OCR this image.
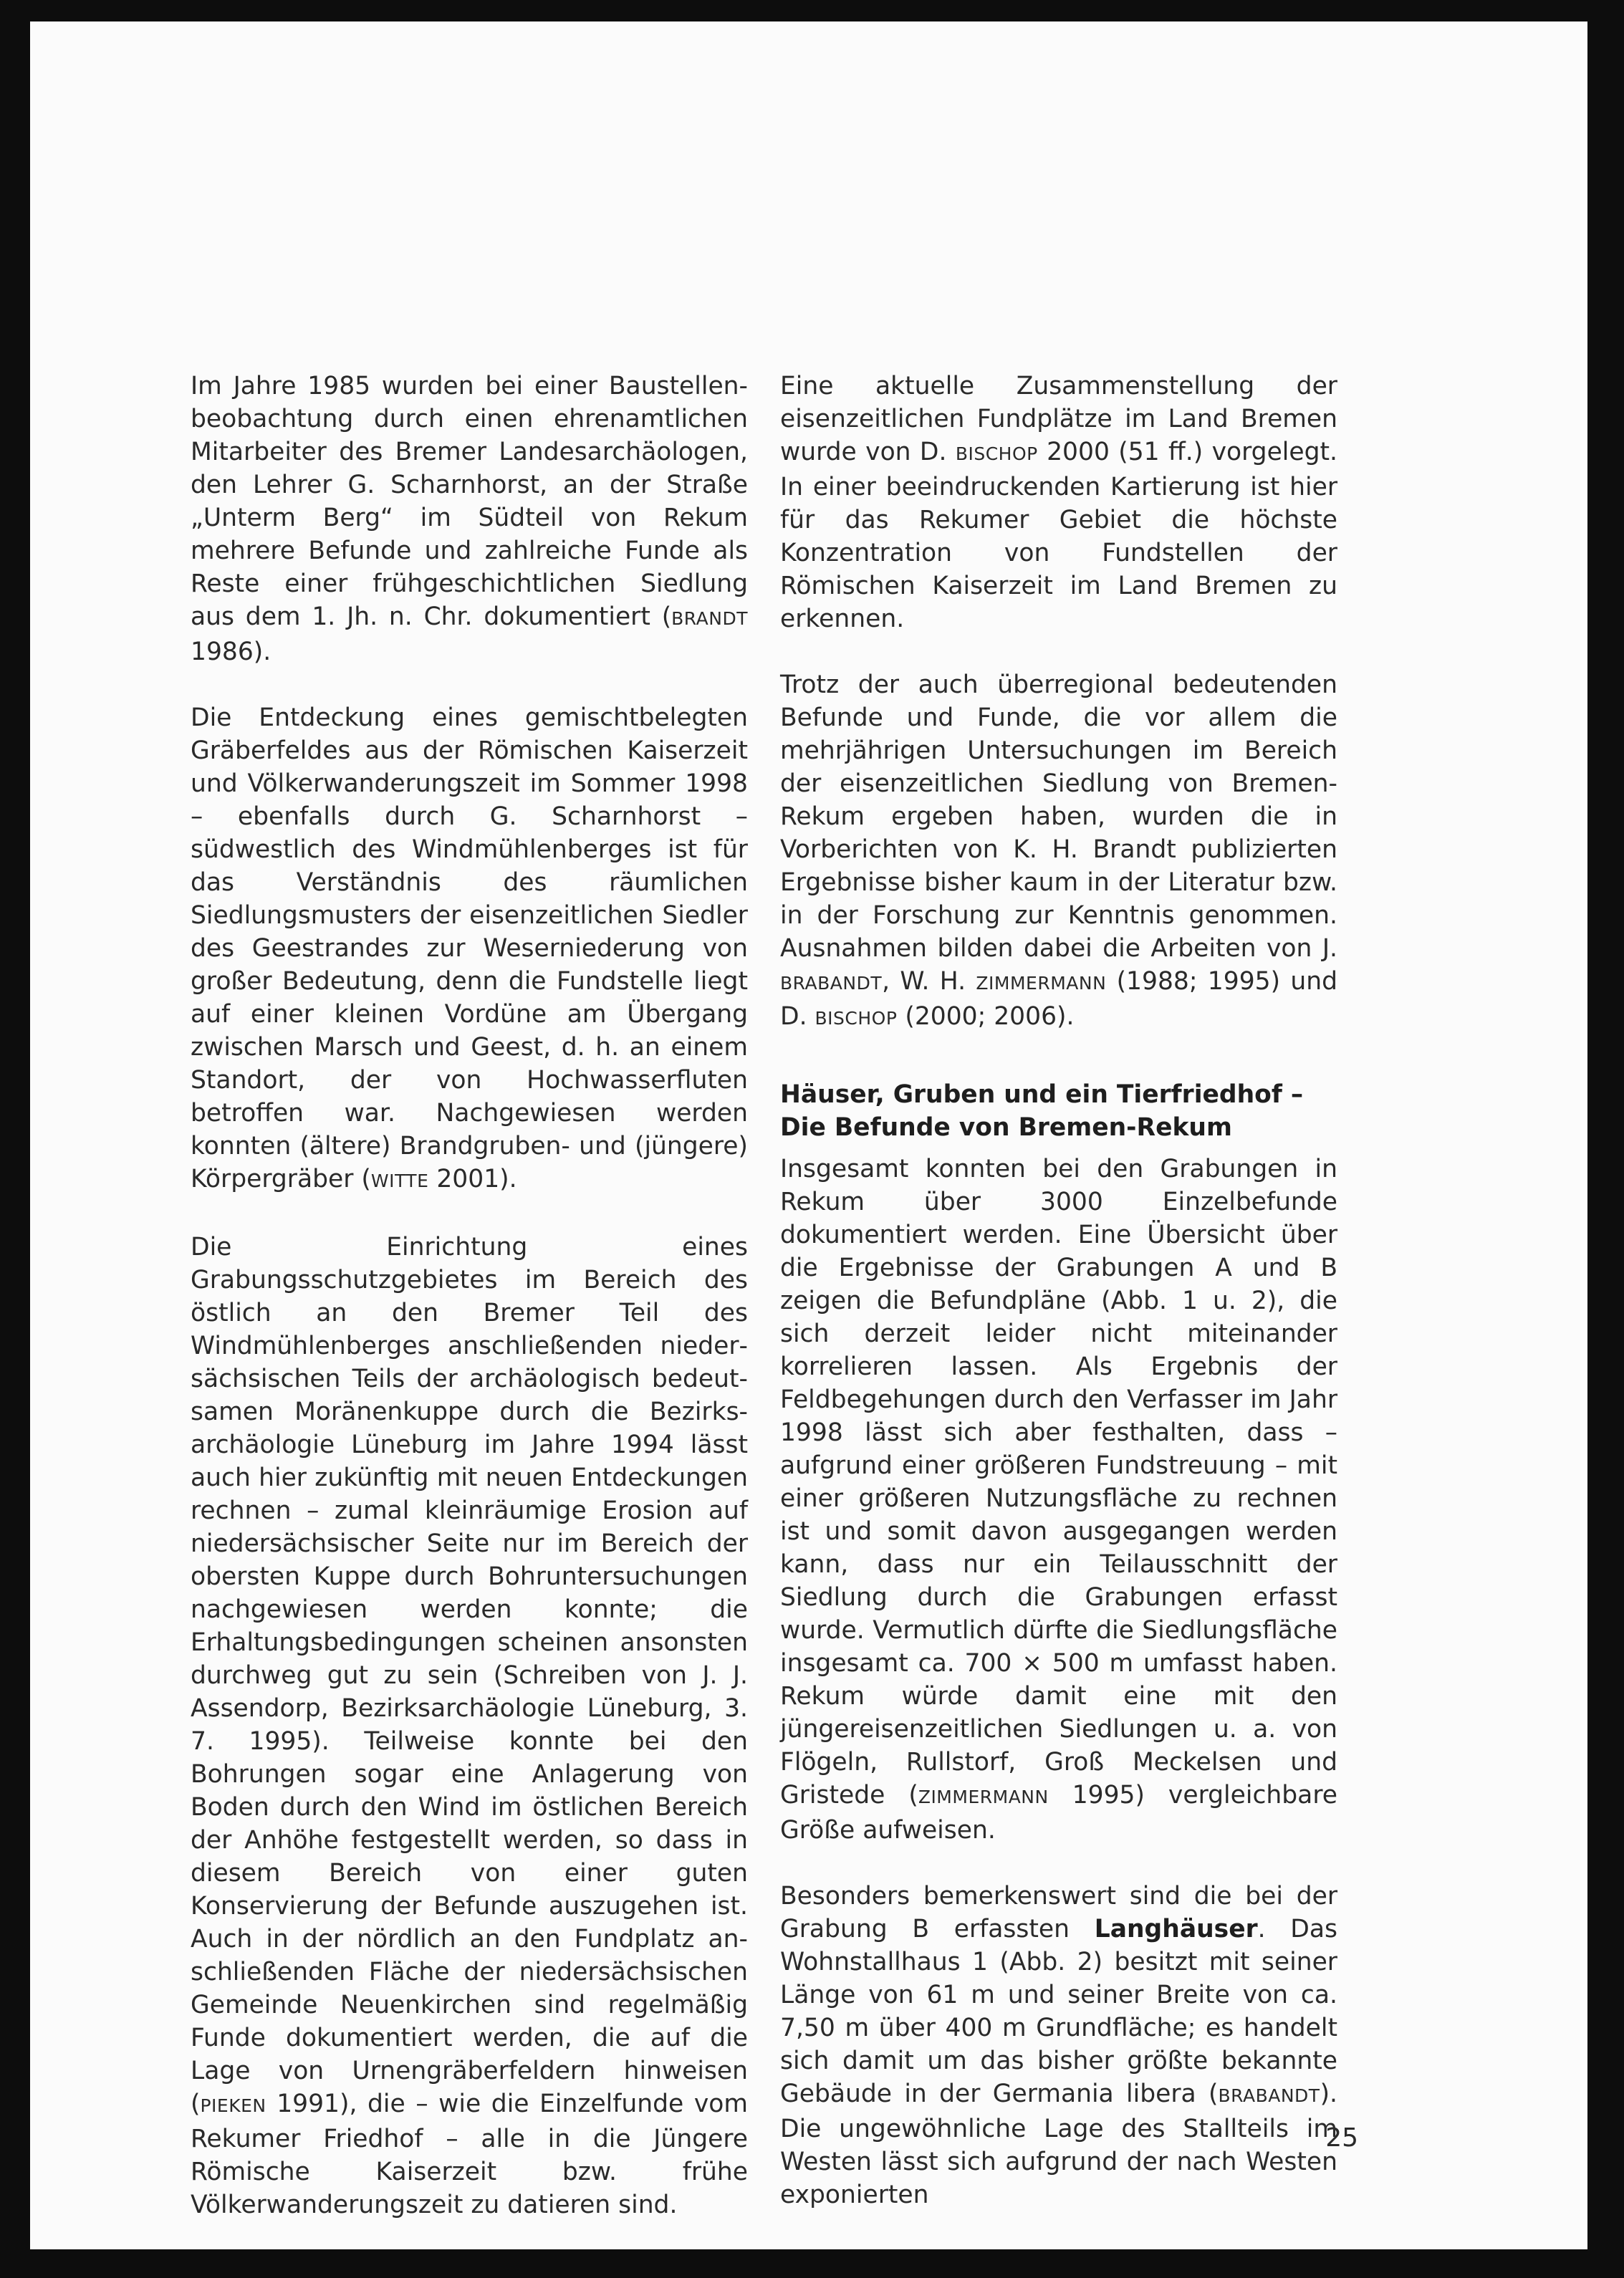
Im Jahre 1985 wurden bei einer Baustellenbeobachtung durch einen ehrenamtlichen Mitarbeiter des Bremer Landesarchäologen, den Lehrer G. Scharnhorst, an der Straße „Unterm Berg“ im Südteil von Rekum mehrere Befunde und zahlreiche Funde als Reste einer frühgeschichtlichen Siedlung aus dem 1. Jh. n. Chr. dokumentiert (BRANDT 1986).

Die Entdeckung eines gemischtbelegten Gräberfeldes aus der Römischen Kaiserzeit und Völkerwanderungszeit im Sommer 1998 – ebenfalls durch G. Scharnhorst – südwestlich des Windmühlenberges ist für das Verständnis des räumlichen Siedlungsmusters der eisenzeitlichen Siedler des Geestrandes zur Weserniederung von großer Bedeutung, denn die Fundstelle liegt auf einer kleinen Vordüne am Übergang zwischen Marsch und Geest, d. h. an einem Standort, der von Hochwasserfluten betroffen war. Nachgewiesen werden konnten (ältere) Brandgruben- und (jüngere) Körpergräber (WITTE 2001).

Die Einrichtung eines Grabungsschutzgebietes im Bereich des östlich an den Bremer Teil des Windmühlenberges anschließenden niedersächsischen Teils der archäologisch bedeutsamen Moränenkuppe durch die Bezirksarchäologie Lüneburg im Jahre 1994 lässt auch hier zukünftig mit neuen Entdeckungen rechnen – zumal kleinräumige Erosion auf niedersächsischer Seite nur im Bereich der obersten Kuppe durch Bohruntersuchungen nachgewiesen werden konnte; die Erhaltungsbedingungen scheinen ansonsten durchweg gut zu sein (Schreiben von J. J. Assendorp, Bezirksarchäologie Lüneburg, 3. 7. 1995). Teilweise konnte bei den Bohrungen sogar eine Anlagerung von Boden durch den Wind im östlichen Bereich der Anhöhe festgestellt werden, so dass in diesem Bereich von einer guten Konservierung der Befunde auszugehen ist. Auch in der nördlich an den Fundplatz anschließenden Fläche der niedersächsischen Gemeinde Neuenkirchen sind regelmäßig Funde dokumentiert werden, die auf die Lage von Urnengräberfeldern hinweisen (PIEKEN 1991), die – wie die Einzelfunde vom Rekumer Friedhof – alle in die Jüngere Römische Kaiserzeit bzw. frühe Völkerwanderungszeit zu datieren sind.

Eine aktuelle Zusammenstellung der eisenzeitlichen Fundplätze im Land Bremen wurde von D. BISCHOP 2000 (51 ff.) vorgelegt. In einer beeindruckenden Kartierung ist hier für das Rekumer Gebiet die höchste Konzentration von Fundstellen der Römischen Kaiserzeit im Land Bremen zu erkennen.

Trotz der auch überregional bedeutenden Befunde und Funde, die vor allem die mehrjährigen Untersuchungen im Bereich der eisenzeitlichen Siedlung von Bremen-Rekum ergeben haben, wurden die in Vorberichten von K. H. Brandt publizierten Ergebnisse bisher kaum in der Literatur bzw. in der Forschung zur Kenntnis genommen. Ausnahmen bilden dabei die Arbeiten von J. BRABANDT, W. H. ZIMMERMANN (1988; 1995) und D. BISCHOP (2000; 2006).

Häuser, Gruben und ein Tierfriedhof –
Die Befunde von Bremen-Rekum

Insgesamt konnten bei den Grabungen in Rekum über 3000 Einzelbefunde dokumentiert werden. Eine Übersicht über die Ergebnisse der Grabungen A und B zeigen die Befundpläne (Abb. 1 u. 2), die sich derzeit leider nicht miteinander korrelieren lassen. Als Ergebnis der Feldbegehungen durch den Verfasser im Jahr 1998 lässt sich aber festhalten, dass – aufgrund einer größeren Fundstreuung – mit einer größeren Nutzungsfläche zu rechnen ist und somit davon ausgegangen werden kann, dass nur ein Teilausschnitt der Siedlung durch die Grabungen erfasst wurde. Vermutlich dürfte die Siedlungsfläche insgesamt ca. 700 × 500 m umfasst haben. Rekum würde damit eine mit den jüngereisenzeitlichen Siedlungen u. a. von Flögeln, Rullstorf, Groß Meckelsen und Gristede (ZIMMERMANN 1995) vergleichbare Größe aufweisen.

Besonders bemerkenswert sind die bei der Grabung B erfassten Langhäuser. Das Wohnstallhaus 1 (Abb. 2) besitzt mit seiner Länge von 61 m und seiner Breite von ca. 7,50 m über 400 m Grundfläche; es handelt sich damit um das bisher größte bekannte Gebäude in der Germania libera (BRABANDT). Die ungewöhnliche Lage des Stallteils im Westen lässt sich aufgrund der nach Westen exponierten

25
